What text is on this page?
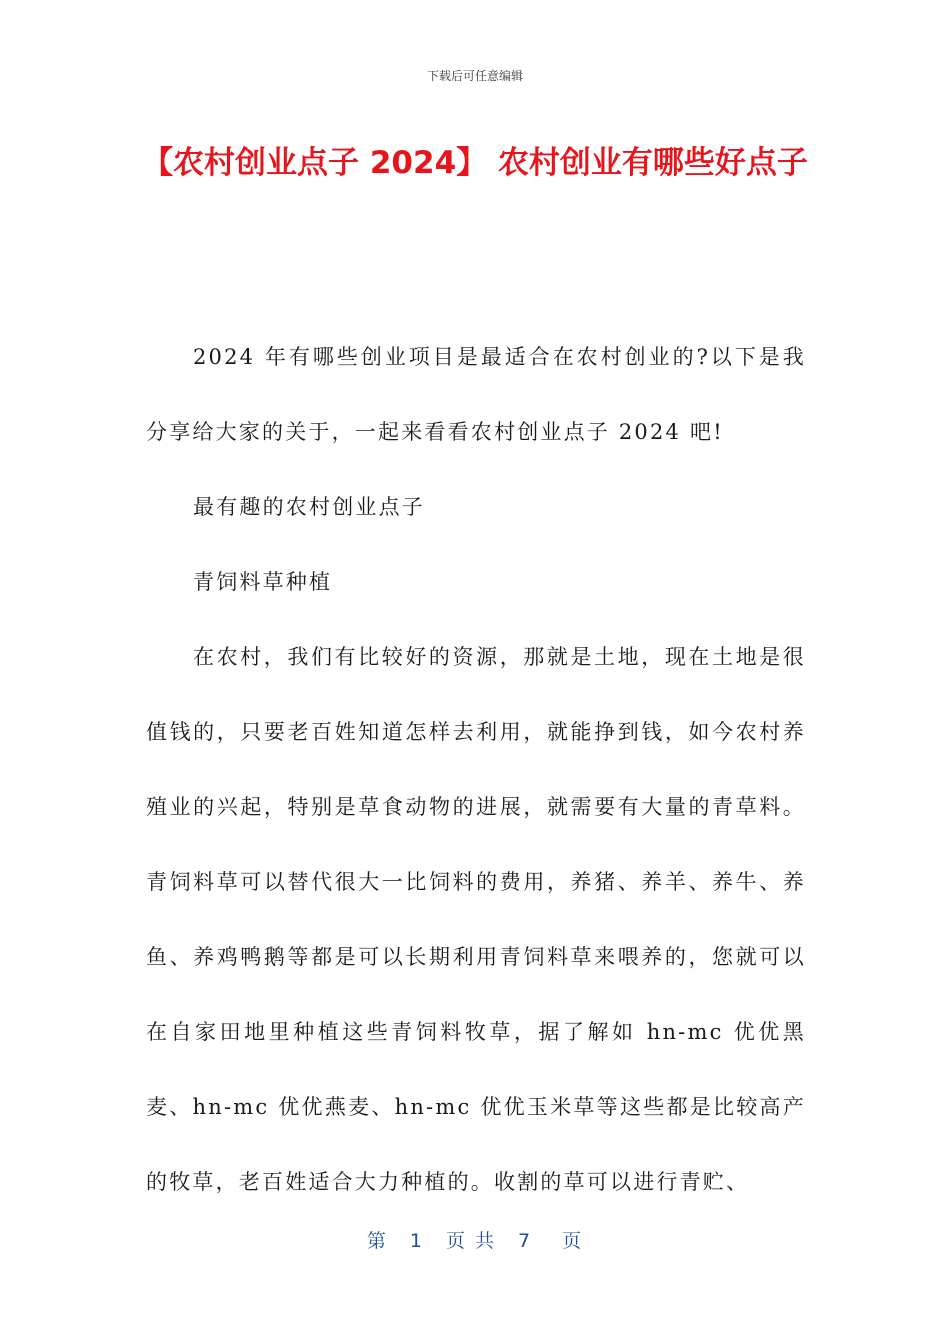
下载后可任意编辑
【农村创业点子 2024】 农村创业有哪些好点子

2024 年有哪些创业项目是最适合在农村创业的?以下是我分享给大家的关于，一起来看看农村创业点子 2024 吧!

最有趣的农村创业点子

青饲料草种植

在农村，我们有比较好的资源，那就是土地，现在土地是很值钱的，只要老百姓知道怎样去利用，就能挣到钱，如今农村养殖业的兴起，特别是草食动物的进展，就需要有大量的青草料。青饲料草可以替代很大一比饲料的费用，养猪、养羊、养牛、养鱼、养鸡鸭鹅等都是可以长期利用青饲料草来喂养的，您就可以在自家田地里种植这些青饲料牧草，据了解如 hn-mc 优优黑麦、hn-mc 优优燕麦、hn-mc 优优玉米草等这些都是比较高产的牧草，老百姓适合大力种植的。收割的草可以进行青贮、

第 1 页 共 7 页
